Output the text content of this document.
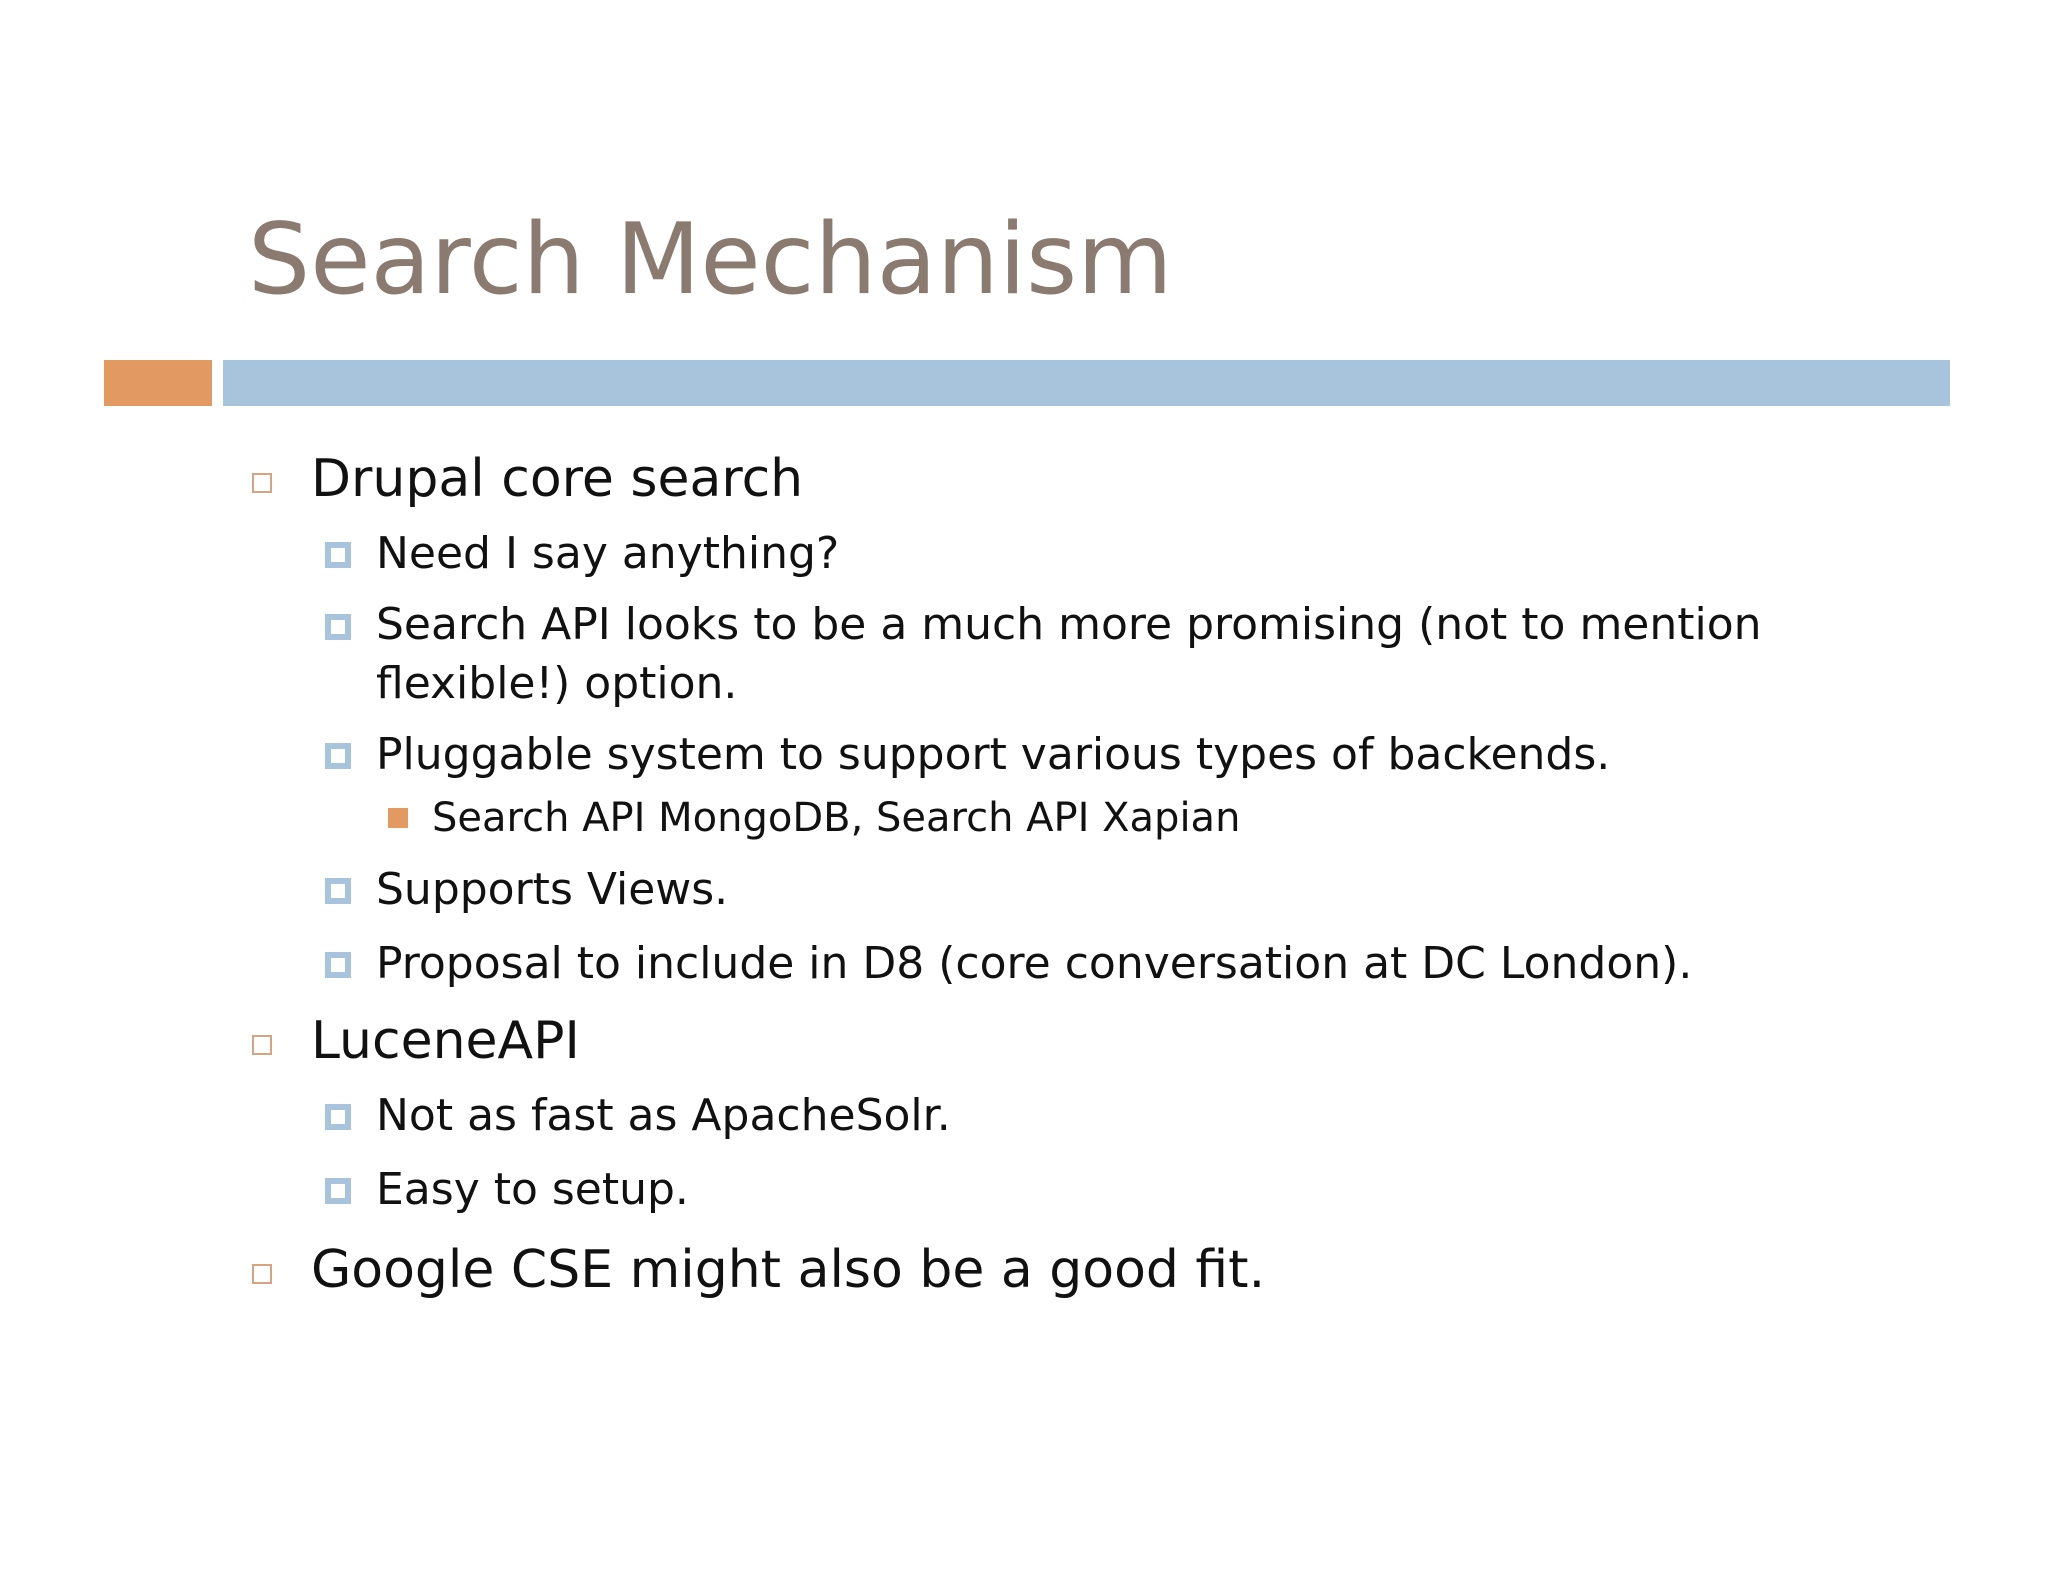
Search Mechanism
Drupal core search
Need I say anything?
Search API looks to be a much more promising (not to mention
flexible!) option.
Pluggable system to support various types of backends.
Search API MongoDB, Search API Xapian
Supports Views.
Proposal to include in D8 (core conversation at DC London).
LuceneAPI
Not as fast as ApacheSolr.
Easy to setup.
Google CSE might also be a good fit.
